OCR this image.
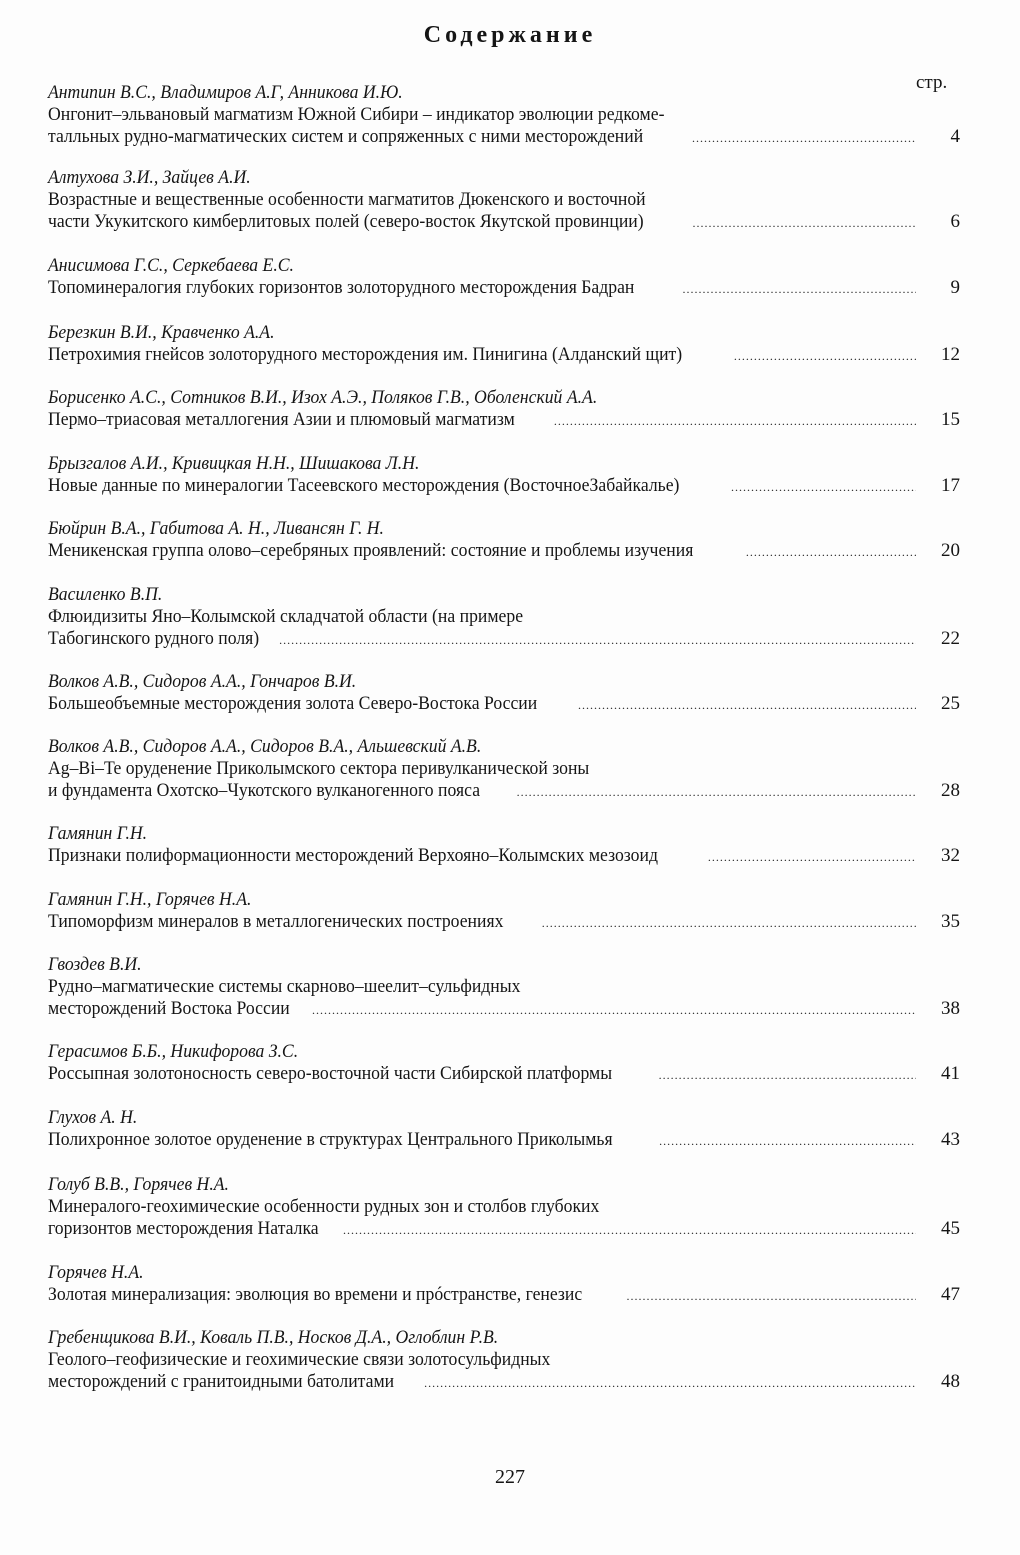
Содержание
стр.
Антипин В.С., Владимиров А.Г, Анникова И.Ю.
Онгонит–эльвановый магматизм Южной Сибири – индикатор эволюции редкоме-
талльных рудно-магматических систем и сопряженных с ними месторождений .....	4
Алтухова З.И., Зайцев А.И.
Возрастные и вещественные особенности магматитов Дюкенского и восточной
части Укукитского кимберлитовых полей (северо-восток Якутской провинции) .....	6
Анисимова Г.С., Серкебаева Е.С.
Топоминералогия глубоких горизонтов золоторудного месторождения Бадран .....	9
Березкин В.И., Кравченко А.А.
Петрохимия гнейсов золоторудного месторождения им. Пинигина (Алданский щит) .....	12
Борисенко А.С., Сотников В.И., Изох А.Э., Поляков Г.В., Оболенский А.А.
Пермо–триасовая металлогения Азии и плюмовый магматизм .....	15
Брызгалов А.И., Кривицкая Н.Н., Шишакова Л.Н.
Новые данные по минералогии Тасеевского месторождения (ВосточноеЗабайкалье) .....	17
Бюйрин В.А., Габитова А. Н., Ливансян Г. Н.
Меникенская группа олово–серебряных проявлений: состояние и проблемы изучения .....	20
Василенко В.П.
Флюидизиты Яно–Колымской складчатой области (на примере
Табогинского рудного поля) .....	22
Волков А.В., Сидоров А.А., Гончаров В.И.
Большеобъемные месторождения золота Северо-Востока России .....	25
Волков А.В., Сидоров А.А., Сидоров В.А., Альшевский А.В.
Ag–Bi–Te оруденение Приколымского сектора перивулканической зоны
и фундамента Охотско–Чукотского вулканогенного пояса .....	28
Гамянин Г.Н.
Признаки полиформационности месторождений Верхояно–Колымских мезозоид .....	32
Гамянин Г.Н., Горячев Н.А.
Типоморфизм минералов в металлогенических построениях .....	35
Гвоздев В.И.
Рудно–магматические системы скарново–шеелит–сульфидных
месторождений Востока России .....	38
Герасимов Б.Б., Никифорова З.С.
Россыпная золотоносность северо-восточной части Сибирской платформы .....	41
Глухов А. Н.
Полихронное золотое оруденение в структурах Центрального Приколымья .....	43
Голуб В.В., Горячев Н.А.
Минералого-геохимические особенности рудных зон и столбов глубоких
горизонтов месторождения Наталка .....	45
Горячев Н.А.
Золотая минерализация: эволюция во времени и прóстранстве, генезис .....	47
Гребенщикова В.И., Коваль П.В., Носков Д.А., Оглоблин Р.В.
Геолого–геофизические и геохимические связи золотосульфидных
месторождений с гранитоидными батолитами .....	48
227
